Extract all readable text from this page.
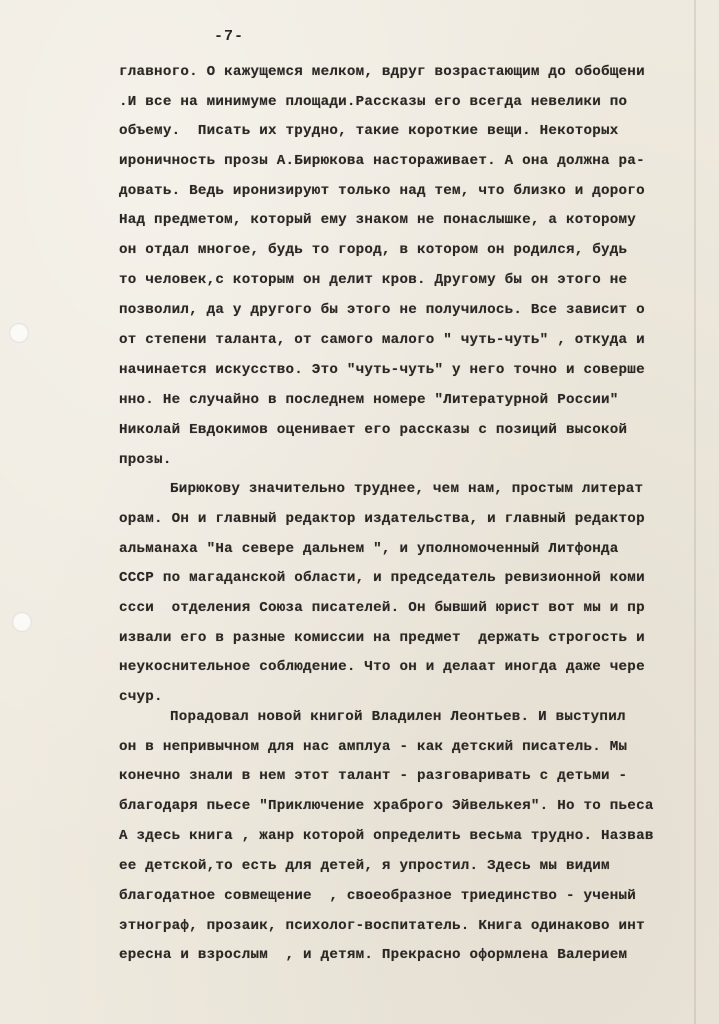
-7-
главного. О кажущемся мелком, вдруг возрастающим до обобщени
.И все на минимуме площади.Рассказы его всегда невелики по
объему.  Писать их трудно, такие короткие вещи. Некоторых
ироничность прозы А.Бирюкова настораживает. А она должна ра-
довать. Ведь иронизируют только над тем, что близко и дорого
Над предметом, который ему знаком не понаслышке, а которому
он отдал многое, будь то город, в котором он родился, будь
то человек,с которым он делит кров. Другому бы он этого не
позволил, да у другого бы этого не получилось. Все зависит о
от степени таланта, от самого малого " чуть-чуть" , откуда и
начинается искусство. Это "чуть-чуть" у него точно и соверше
нно. Не случайно в последнем номере "Литературной России"
Николай Евдокимов оценивает его рассказы с позиций высокой
прозы.
Бирюкову значительно труднее, чем нам, простым литерат
орам. Он и главный редактор издательства, и главный редактор
альманаха "На севере дальнем ", и уполномоченный Литфонда
СССР по магаданской области, и председатель ревизионной коми
ссси  отделения Союза писателей. Он бывший юрист вот мы и пр
извали его в разные комиссии на предмет  держать строгость и
неукоснительное соблюдение. Что он и делаат иногда даже чере
счур.
Порадовал новой книгой Владилен Леонтьев. И выступил
он в непривычном для нас амплуа - как детский писатель. Мы
конечно знали в нем этот талант - разговаривать с детьми -
благодаря пьесе "Приключение храброго Эйвелькея". Но то пьеса
А здесь книга , жанр которой определить весьма трудно. Назвав
ее детской,то есть для детей, я упростил. Здесь мы видим
благодатное совмещение  , своеобразное триединство - ученый
этнограф, прозаик, психолог-воспитатель. Книга одинаково инт
ересна и взрослым  , и детям. Прекрасно оформлена Валерием
